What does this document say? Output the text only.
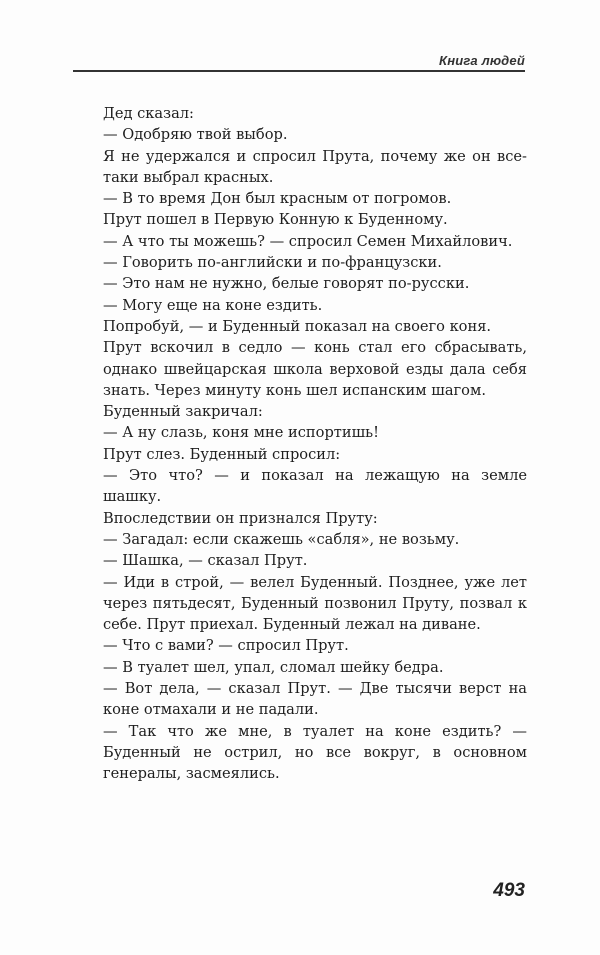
Книга людей

Дед сказал:

— Одобряю твой выбор.

Я не удержался и спросил Прута, почему же он все-таки выбрал красных.

— В то время Дон был красным от погромов.

Прут пошел в Первую Конную к Буденному.

— А что ты можешь? — спросил Семен Михайлович.

— Говорить по-английски и по-французски.

— Это нам не нужно, белые говорят по-русски.

— Могу еще на коне ездить.

Попробуй, — и Буденный показал на своего коня.

Прут вскочил в седло — конь стал его сбрасывать, однако швейцарская школа верховой езды дала себя знать. Через минуту конь шел испанским шагом.

Буденный закричал:

— А ну слазь, коня мне испортишь!

Прут слез. Буденный спросил:

— Это что? — и показал на лежащую на земле шашку.

Впоследствии он признался Пруту:

— Загадал: если скажешь «сабля», не возьму.

— Шашка, — сказал Прут.

— Иди в строй, — велел Буденный. Позднее, уже лет через пятьдесят, Буденный позвонил Пруту, позвал к себе. Прут приехал. Буденный лежал на диване.

— Что с вами? — спросил Прут.

— В туалет шел, упал, сломал шейку бедра.

— Вот дела, — сказал Прут. — Две тысячи верст на коне отмахали и не падали.

— Так что же мне, в туалет на коне ездить? — Буденный не острил, но все вокруг, в основном генералы, засмеялись.

493
